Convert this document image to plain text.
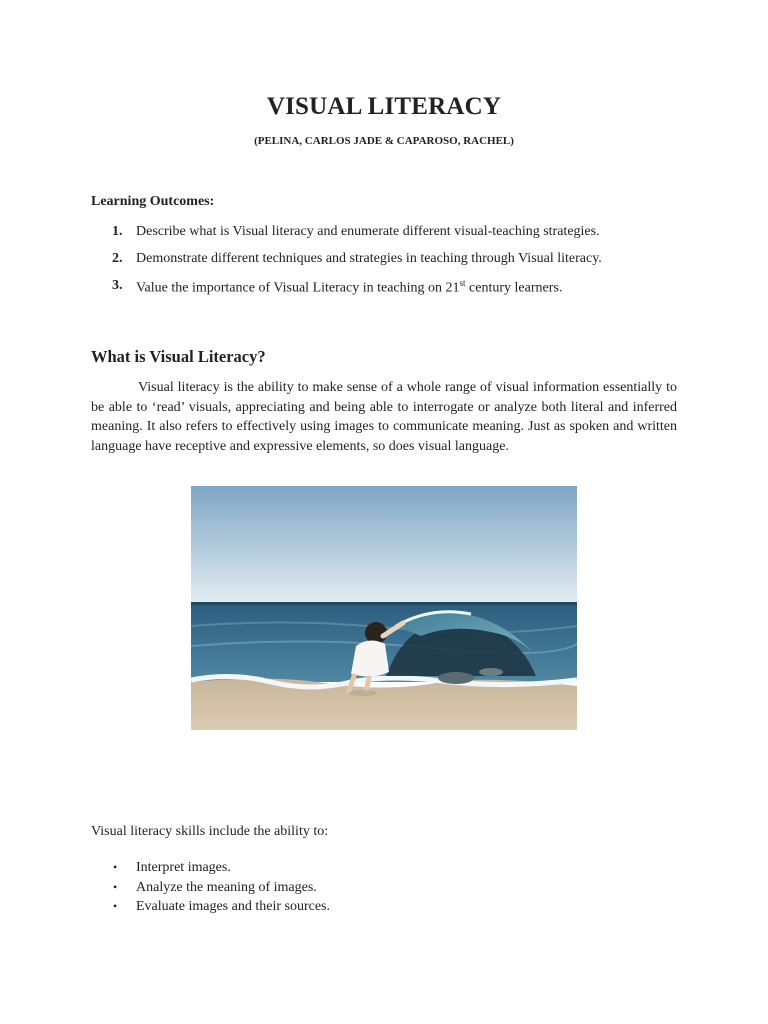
VISUAL LITERACY
(PELINA, CARLOS JADE & CAPAROSO, RACHEL)
Learning Outcomes:
1. Describe what is Visual literacy and enumerate different visual-teaching strategies.
2. Demonstrate different techniques and strategies in teaching through Visual literacy.
3. Value the importance of Visual Literacy in teaching on 21st century learners.
What is Visual Literacy?

Visual literacy is the ability to make sense of a whole range of visual information essentially to be able to ‘read’ visuals, appreciating and being able to interrogate or analyze both literal and inferred meaning. It also refers to effectively using images to communicate meaning. Just as spoken and written language have receptive and expressive elements, so does visual language.

Visual literacy skills include the ability to:
•	Interpret images.
•	Analyze the meaning of images.
•	Evaluate images and their sources.
